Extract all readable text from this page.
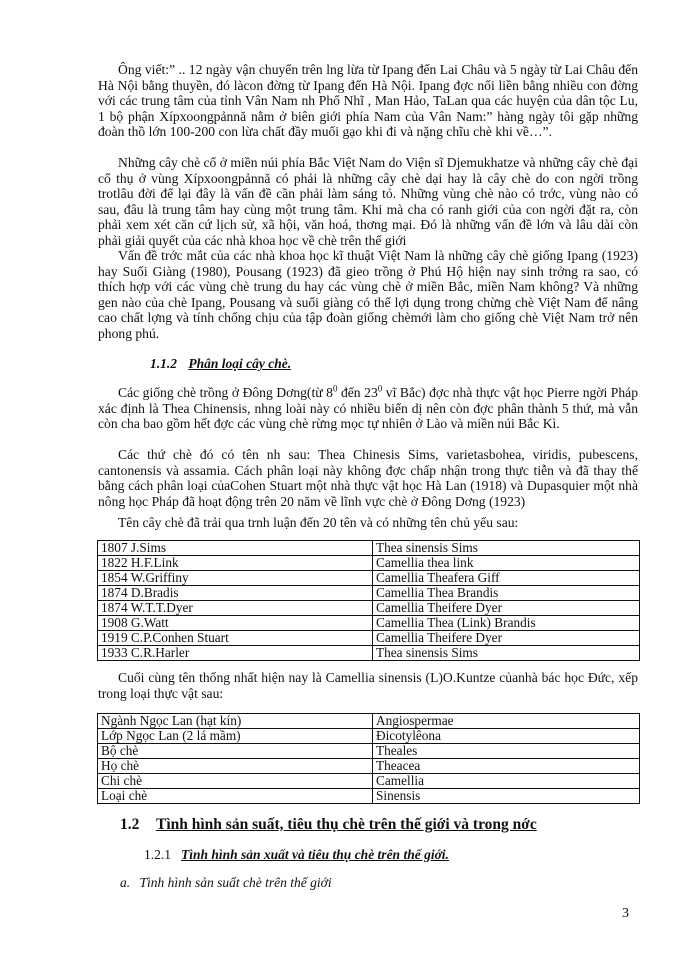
Ông viết:” .. 12 ngày vận chuyển trên lng lừa từ Ipang đến Lai Châu và 5 ngày từ Lai Châu đến Hà Nội bằng thuyền, đó làcon đờng từ Ipang đến Hà Nội. Ipang đợc nối liền bằng nhiều con đờng với các trung tâm của tỉnh Vân Nam nh Phổ Nhĩ , Man Hảo, TaLan qua các huyện của dân tộc Lu, 1 bộ phận Xípxoongpảnnă nằm ở biên giới phía Nam của Vân Nam:” hàng ngày tôi gặp những đoàn thồ lớn 100-200 con lừa chất đầy muối gạo khi đi và nặng chĩu chè khi về…”.

Những cây chè cổ ở miền núi phía Bắc Việt Nam do Viện sĩ Djemukhatze và những cây chè đại cổ thụ ở vùng Xípxoongpảnnă có phải là những cây chè dại hay là cây chè do con ngời trồng trotlâu đời để lại đây là vấn đề cần phải làm sáng tỏ. Những vùng chè nào có trớc, vùng nào có sau, đâu là trung tâm hay cùng một trung tâm. Khi mà cha có ranh giới của con ngời đặt ra, còn phải xem xét căn cứ lịch sử, xã hội, văn hoá, thơng mại. Đó là những vấn đề lớn và lâu dài còn phải giải quyết của các nhà khoa học về chè trên thế giới

Vấn đề trớc mắt của các nhà khoa học kĩ thuật Việt Nam là những cây chè giống Ipang (1923) hay Suối Giàng (1980), Pousang (1923) đã gieo trồng ở Phú Hộ hiện nay sinh trởng ra sao, có thích hợp với các vùng chè trung du hay các vùng chè ở miền Bắc, miền Nam không? Và những gen nào của chè Ipang, Pousang và suối giàng có thể lợi dụng trong chừng chè Việt Nam để nâng cao chất lợng và tính chống chịu của tập đoàn giống chèmới làm cho giống chè Việt Nam trở nên phong phú.

1.1.2 Phân loại cây chè.

Các giống chè trồng ở Đông Dơng(từ $8^0$ đến $23^0$ vĩ Bắc) đợc nhà thực vật học Pierre ngời Pháp xác định là Thea Chinensis, nhng loài này có nhiều biến dị nên còn đợc phân thành 5 thứ, mà vẫn còn cha bao gồm hết đợc các vùng chè rừng mọc tự nhiên ở Lào và miền núi Bắc Kì.

Các thứ chè đó có tên nh sau: Thea Chinesis Sims, varietasbohea, viridis, pubescens, cantonensis và assamia. Cách phân loại này không đợc chấp nhận trong thực tiễn và đã thay thế bằng cách phân loại củaCohen Stuart một nhà thực vật học Hà Lan (1918) và Dupasquier một nhà nông học Pháp đã hoạt động trên 20 năm về lĩnh vực chè ở Đông Dơng (1923)

Tên cây chè đã trải qua trnh luận đến 20 tên và có những tên chủ yếu sau:

1807 J.Sims	Thea sinensis Sims
1822 H.F.Link	Camellia thea link
1854 W.Griffiny	Camellia Theafera Giff
1874 D.Bradis	Camellia Thea Brandis
1874 W.T.T.Dyer	Camellia Theifere Dyer
1908 G.Watt	Camellia Thea (Link) Brandis
1919 C.P.Conhen Stuart	Camellia Theifere Dyer
1933 C.R.Harler	Thea sinensis Sims

Cuối cùng tên thống nhất hiện nay là Camellia sinensis (L)O.Kuntze củanhà bác học Đức, xếp trong loại thực vật sau:

Ngành Ngọc Lan (hạt kín)	Angiospermae
Lớp Ngọc Lan (2 lá mầm)	Đicotylêona
Bộ chè	Theales
Họ chè	Theacea
Chi chè	Camellia
Loại chè	Sinensis

1.2 Tình hình sản suất, tiêu thụ chè trên thế giới và trong nớc

1.2.1 Tình hình sản xuất và tiêu thụ chè trên thế giới.

a. Tình hình sản suất chè trên thế giới

3
